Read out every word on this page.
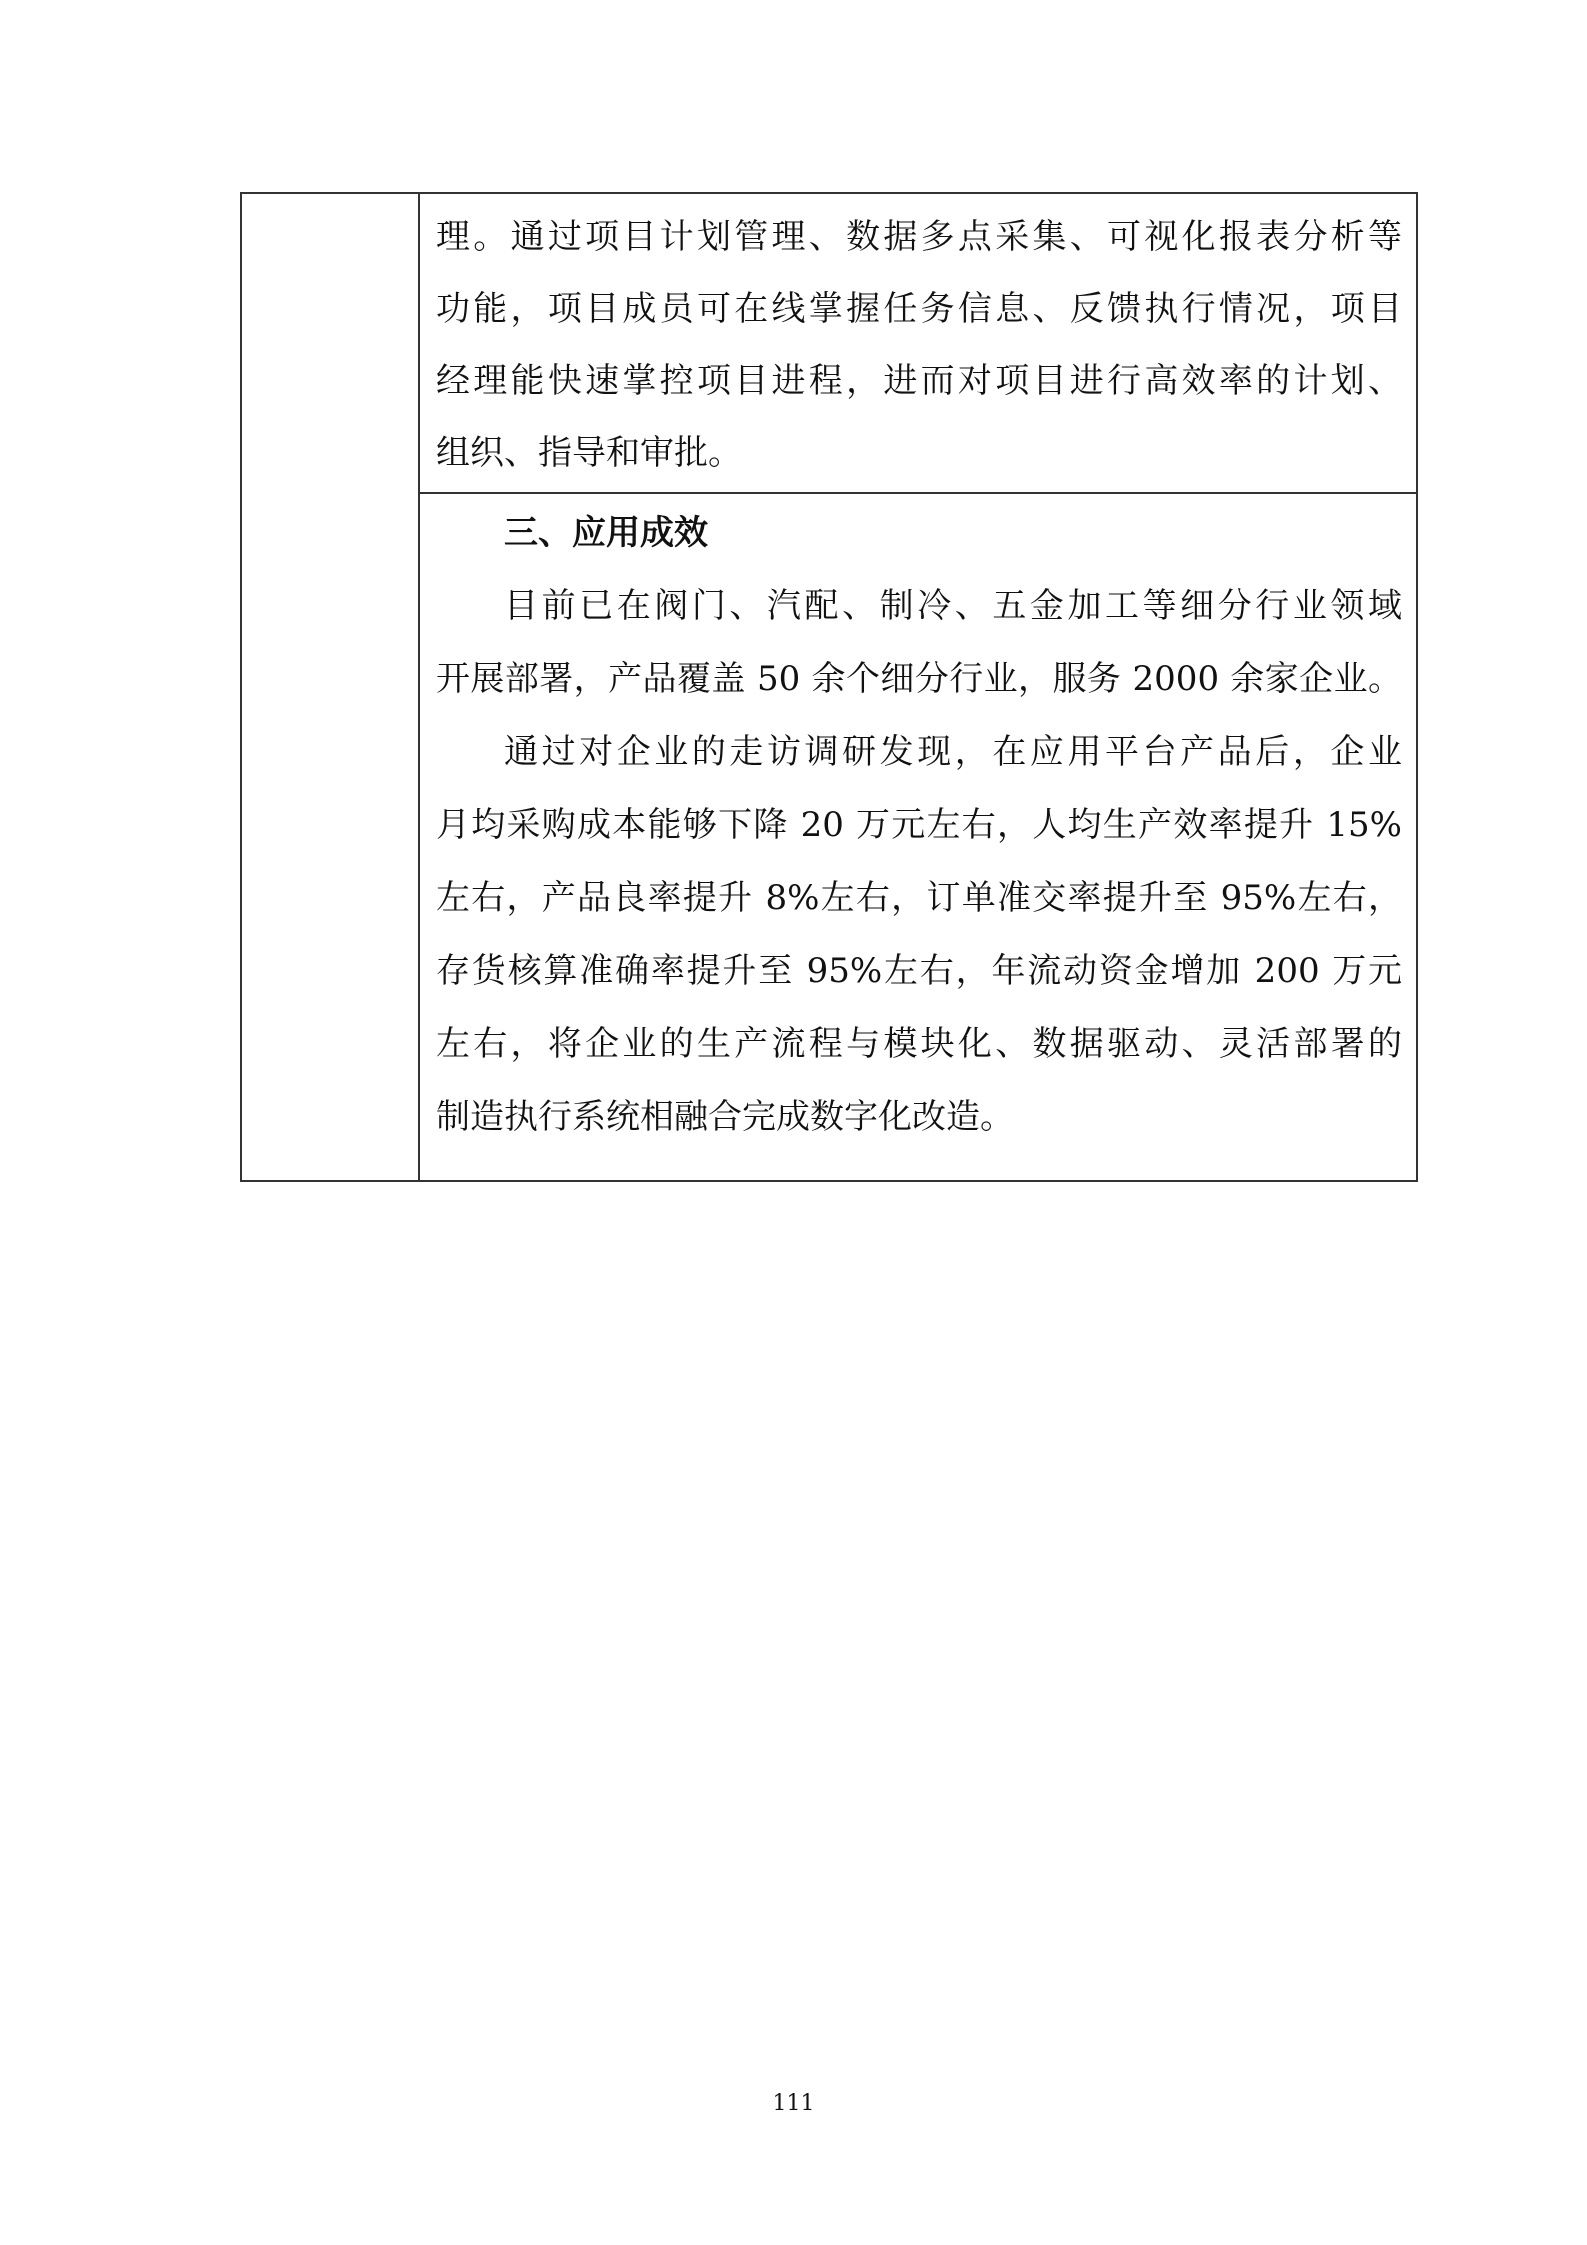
理。通过项目计划管理、数据多点采集、可视化报表分析等
功能，项目成员可在线掌握任务信息、反馈执行情况，项目
经理能快速掌控项目进程，进而对项目进行高效率的计划、
组织、指导和审批。
三、应用成效
目前已在阀门、汽配、制冷、五金加工等细分行业领域
开展部署，产品覆盖 50 余个细分行业，服务 2000 余家企业。
通过对企业的走访调研发现，在应用平台产品后，企业
月均采购成本能够下降 20 万元左右，人均生产效率提升 15%
左右，产品良率提升 8%左右，订单准交率提升至 95%左右，
存货核算准确率提升至 95%左右，年流动资金增加 200 万元
左右，将企业的生产流程与模块化、数据驱动、灵活部署的
制造执行系统相融合完成数字化改造。
111
